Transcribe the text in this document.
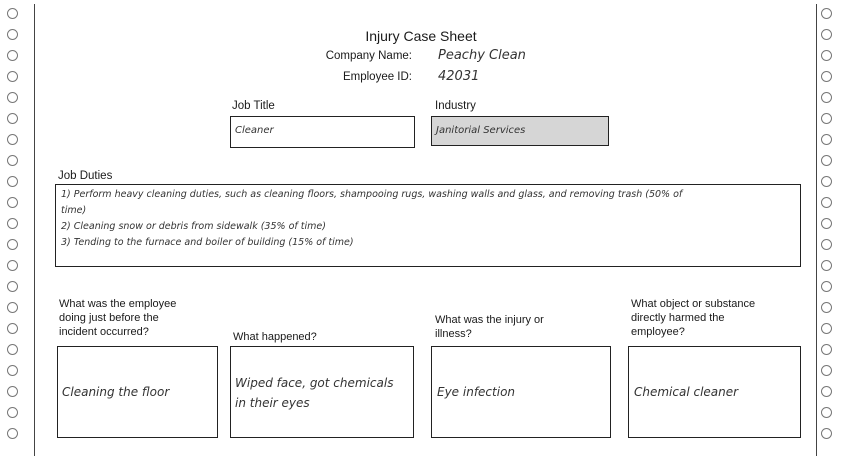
Injury Case Sheet
Company Name: Peachy Clean
Employee ID: 42031
Job Title
Cleaner
Industry
Janitorial Services
Job Duties
1) Perform heavy cleaning duties, such as cleaning floors, shampooing rugs, washing walls and glass, and removing trash (50% of
time)
2) Cleaning snow or debris from sidewalk (35% of time)
3) Tending to the furnace and boiler of building (15% of time)
What was the employee
doing just before the
incident occurred?
Cleaning the floor
What happened?
Wiped face, got chemicals
in their eyes
What was the injury or
illness?
Eye infection
What object or substance
directly harmed the
employee?
Chemical cleaner
